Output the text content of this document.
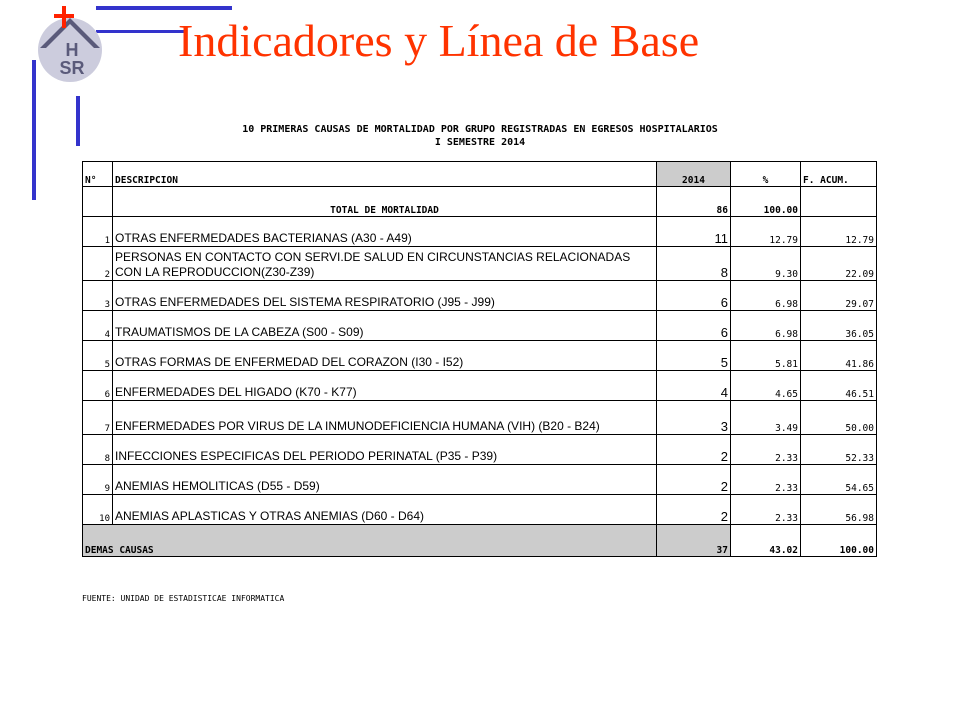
H
SR
Indicadores y Línea de Base
10 PRIMERAS CAUSAS DE MORTALIDAD POR GRUPO REGISTRADAS EN EGRESOS HOSPITALARIOS
I SEMESTRE 2014
N°	DESCRIPCION	2014	%	F. ACUM.
	TOTAL DE MORTALIDAD	86	100.00	
1	OTRAS ENFERMEDADES BACTERIANAS (A30 - A49)	11	12.79	12.79
2	PERSONAS EN CONTACTO CON SERVI.DE SALUD EN CIRCUNSTANCIAS RELACIONADAS CON LA REPRODUCCION(Z30-Z39)	8	9.30	22.09
3	OTRAS ENFERMEDADES DEL SISTEMA RESPIRATORIO (J95 - J99)	6	6.98	29.07
4	TRAUMATISMOS DE LA CABEZA (S00 - S09)	6	6.98	36.05
5	OTRAS FORMAS DE ENFERMEDAD DEL CORAZON (I30 - I52)	5	5.81	41.86
6	ENFERMEDADES DEL HIGADO (K70 - K77)	4	4.65	46.51
7	ENFERMEDADES POR VIRUS DE LA INMUNODEFICIENCIA HUMANA (VIH) (B20 - B24)	3	3.49	50.00
8	INFECCIONES ESPECIFICAS DEL PERIODO PERINATAL (P35 - P39)	2	2.33	52.33
9	ANEMIAS HEMOLITICAS (D55 - D59)	2	2.33	54.65
10	ANEMIAS APLASTICAS Y OTRAS ANEMIAS (D60 - D64)	2	2.33	56.98
DEMAS CAUSAS		37	43.02	100.00
FUENTE: UNIDAD DE ESTADISTICAE INFORMATICA
